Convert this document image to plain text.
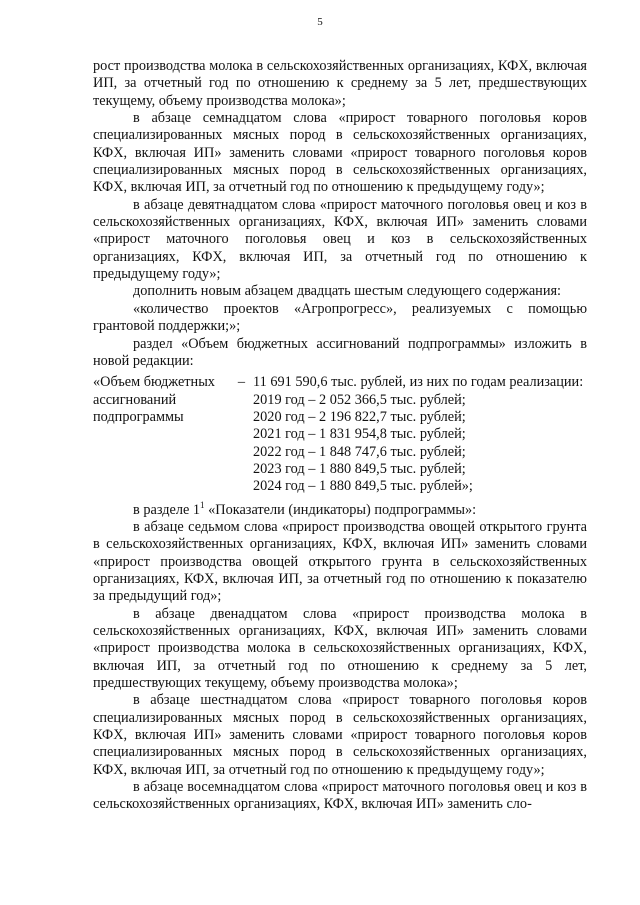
5

рост производства молока в сельскохозяйственных организациях, КФХ, включая ИП, за отчетный год по отношению к среднему за 5 лет, предшествующих текущему, объему производства молока»;

в абзаце семнадцатом слова «прирост товарного поголовья коров специализированных мясных пород в сельскохозяйственных организациях, КФХ, включая ИП» заменить словами «прирост товарного поголовья коров специализированных мясных пород в сельскохозяйственных организациях, КФХ, включая ИП, за отчетный год по отношению к предыдущему году»;

в абзаце девятнадцатом слова «прирост маточного поголовья овец и коз в сельскохозяйственных организациях, КФХ, включая ИП» заменить словами «прирост маточного поголовья овец и коз в сельскохозяйственных организациях, КФХ, включая ИП, за отчетный год по отношению к предыдущему году»;

дополнить новым абзацем двадцать шестым следующего содержания:

«количество проектов «Агропрогресс», реализуемых с помощью грантовой поддержки;»;

раздел «Объем бюджетных ассигнований подпрограммы» изложить в новой редакции:

«Объем бюджетных ассигнований подпрограммы
– 11 691 590,6 тыс. рублей, из них по годам реализации:
2019 год – 2 052 366,5 тыс. рублей;
2020 год – 2 196 822,7 тыс. рублей;
2021 год – 1 831 954,8 тыс. рублей;
2022 год – 1 848 747,6 тыс. рублей;
2023 год – 1 880 849,5 тыс. рублей;
2024 год – 1 880 849,5 тыс. рублей»;

в разделе $1^1$ «Показатели (индикаторы) подпрограммы»:

в абзаце седьмом слова «прирост производства овощей открытого грунта в сельскохозяйственных организациях, КФХ, включая ИП» заменить словами «прирост производства овощей открытого грунта в сельскохозяйственных организациях, КФХ, включая ИП, за отчетный год по отношению к показателю за предыдущий год»;

в абзаце двенадцатом слова «прирост производства молока в сельскохозяйственных организациях, КФХ, включая ИП» заменить словами «прирост производства молока в сельскохозяйственных организациях, КФХ, включая ИП, за отчетный год по отношению к среднему за 5 лет, предшествующих текущему, объему производства молока»;

в абзаце шестнадцатом слова «прирост товарного поголовья коров специализированных мясных пород в сельскохозяйственных организациях, КФХ, включая ИП» заменить словами «прирост товарного поголовья коров специализированных мясных пород в сельскохозяйственных организациях, КФХ, включая ИП, за отчетный год по отношению к предыдущему году»;

в абзаце восемнадцатом слова «прирост маточного поголовья овец и коз в сельскохозяйственных организациях, КФХ, включая ИП» заменить сло-
